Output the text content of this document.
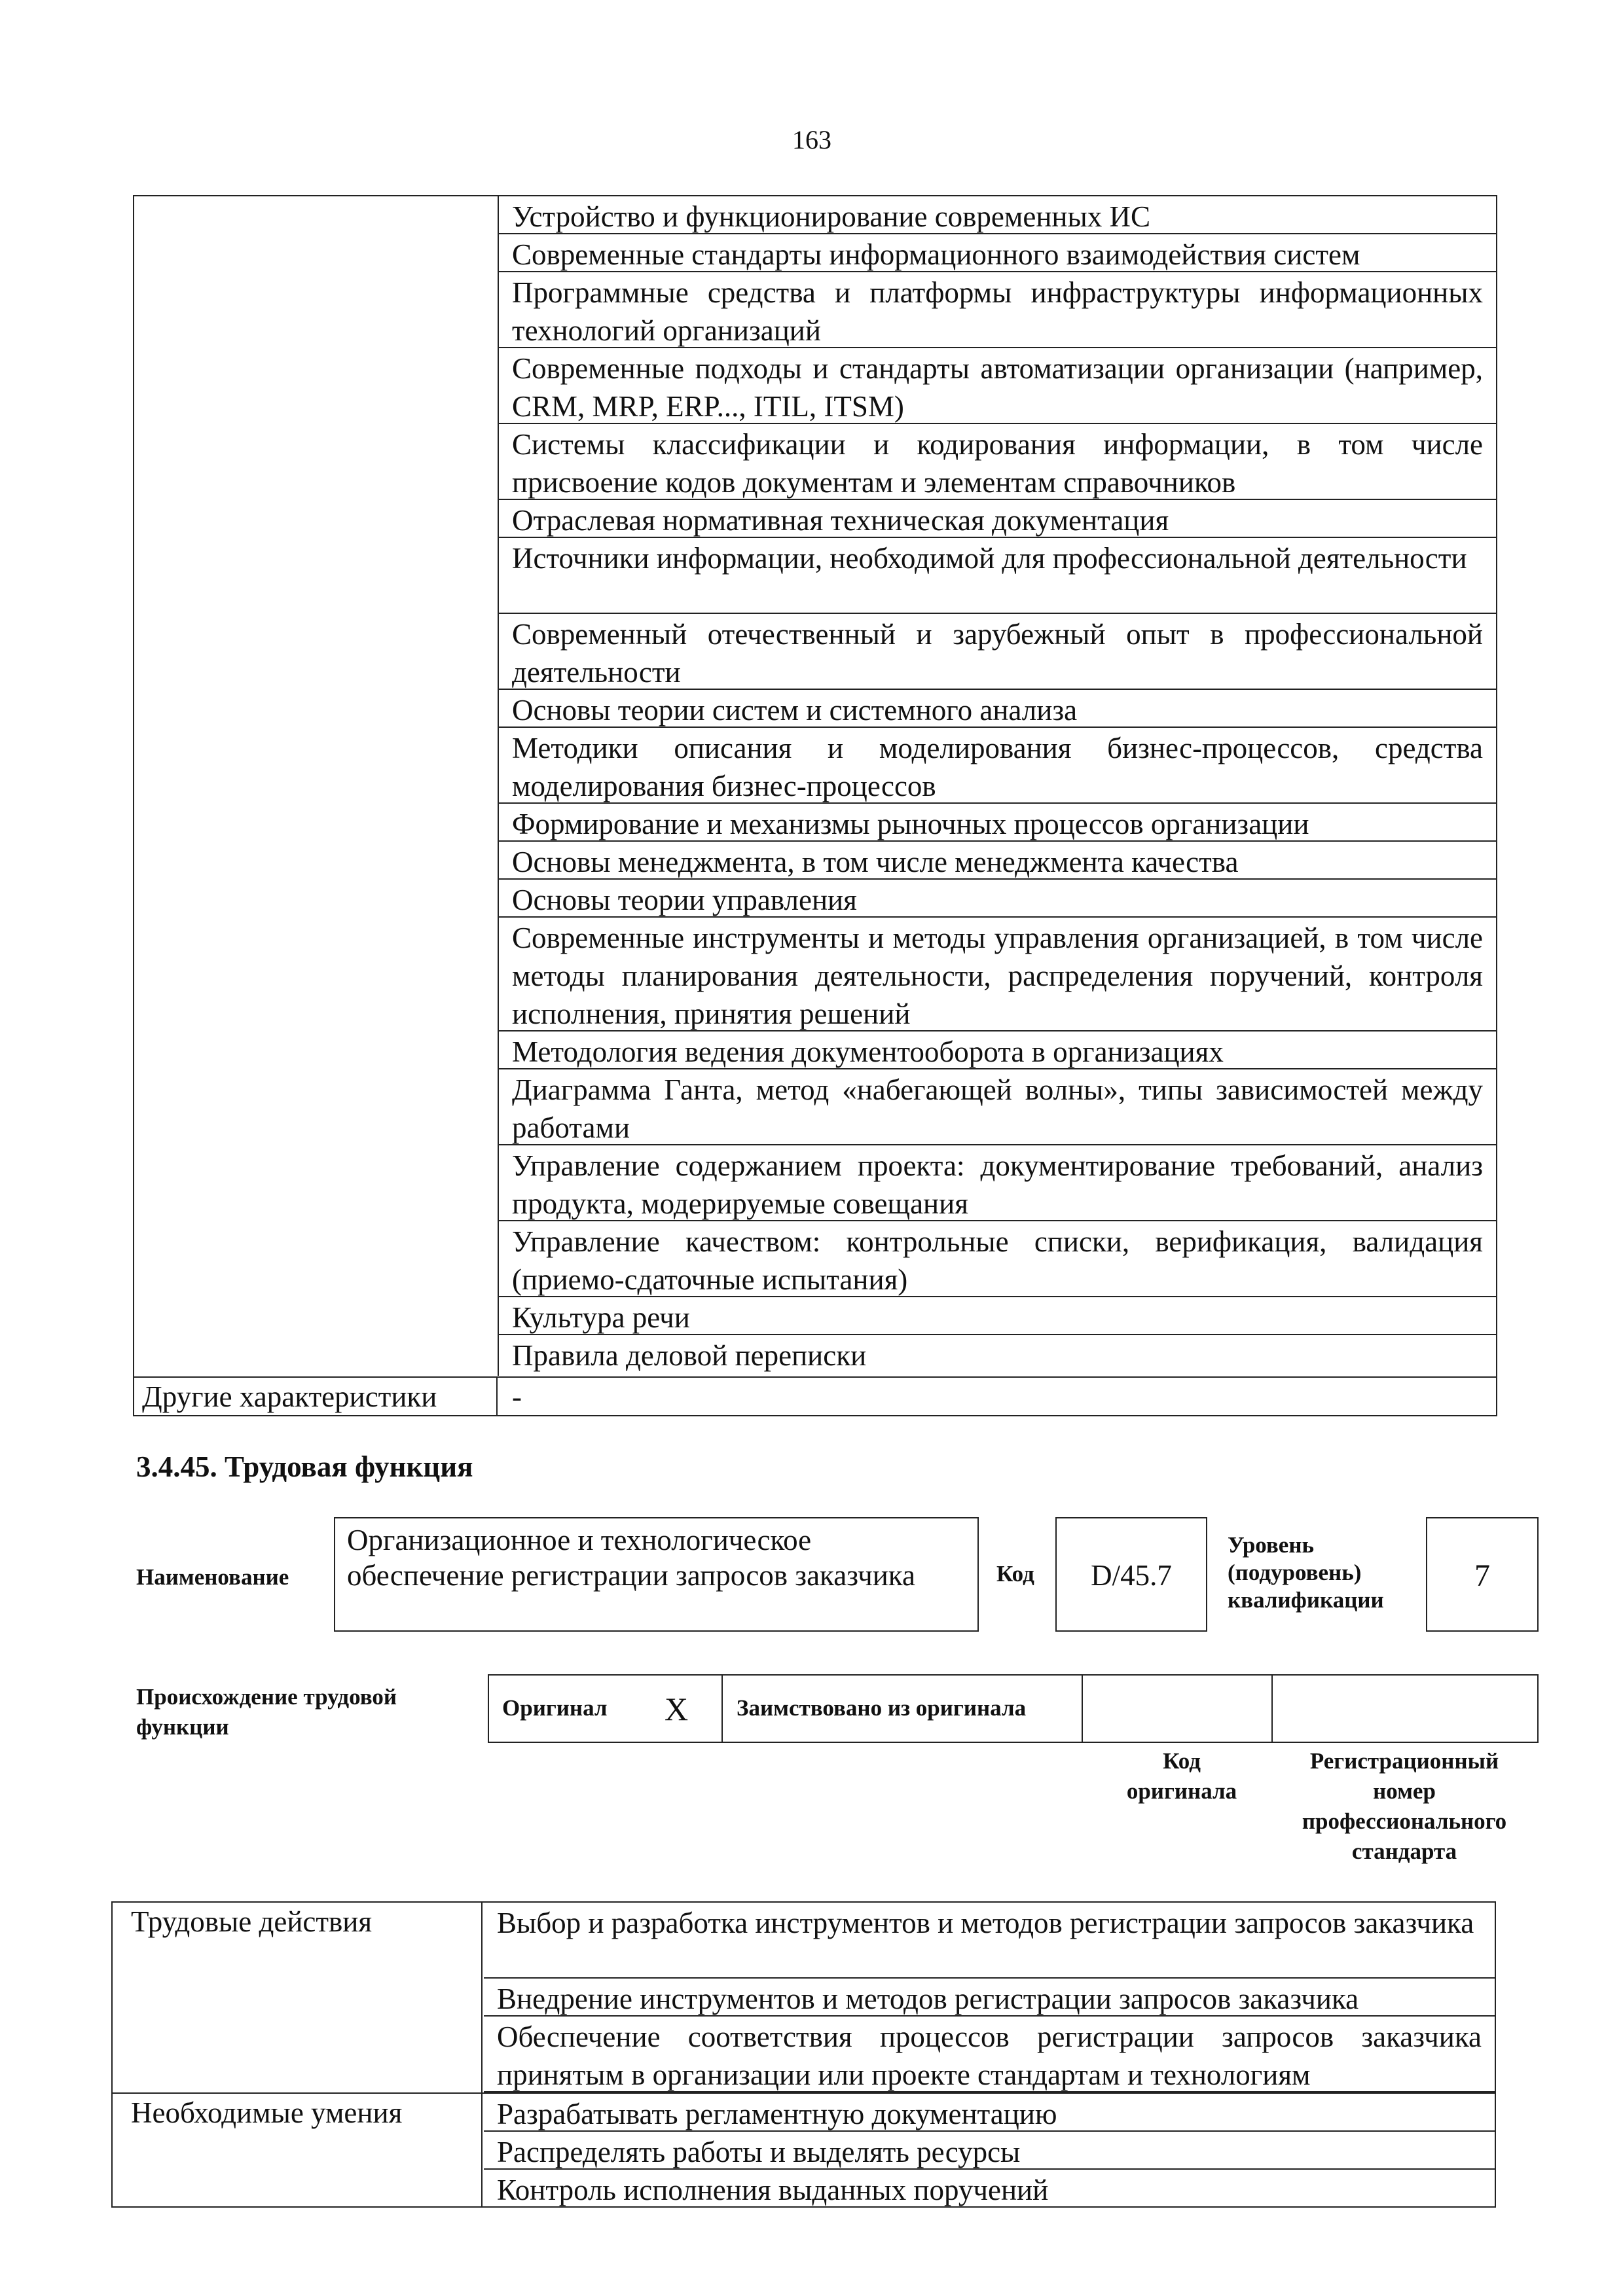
163
Устройство и функционирование современных ИС
Современные стандарты информационного взаимодействия систем
Программные средства и платформы инфраструктуры информационных технологий организаций
Современные подходы и стандарты автоматизации организации (например, CRM, MRP, ERP..., ITIL, ITSM)
Системы классификации и кодирования информации, в том числе присвоение кодов документам и элементам справочников
Отраслевая нормативная техническая документация
Источники информации, необходимой для профессиональной деятельности
Современный отечественный и зарубежный опыт в профессиональной деятельности
Основы теории систем и системного анализа
Методики описания и моделирования бизнес-процессов, средства моделирования бизнес-процессов
Формирование и механизмы рыночных процессов организации
Основы менеджмента, в том числе менеджмента качества
Основы теории управления
Современные инструменты и методы управления организацией, в том числе методы планирования деятельности, распределения поручений, контроля исполнения, принятия решений
Методология ведения документооборота в организациях
Диаграмма Ганта, метод «набегающей волны», типы зависимостей между работами
Управление содержанием проекта: документирование требований, анализ продукта, модерируемые совещания
Управление качеством: контрольные списки, верификация, валидация (приемо-сдаточные испытания)
Культура речи
Правила деловой переписки
Другие характеристики	-
3.4.45. Трудовая функция
Наименование
Организационное и технологическое обеспечение регистрации запросов заказчика	Код	D/45.7
Уровень (подуровень) квалификации
7
Происхождение трудовой функции
Оригинал X Заимствовано из оригинала
Код оригинала
Регистрационный номер профессионального стандарта
Трудовые действия	Выбор и разработка инструментов и методов регистрации запросов заказчика
Внедрение инструментов и методов регистрации запросов заказчика
Обеспечение соответствия процессов регистрации запросов заказчика принятым в организации или проекте стандартам и технологиям
Необходимые умения	Разрабатывать регламентную документацию
Распределять работы и выделять ресурсы
Контроль исполнения выданных поручений
